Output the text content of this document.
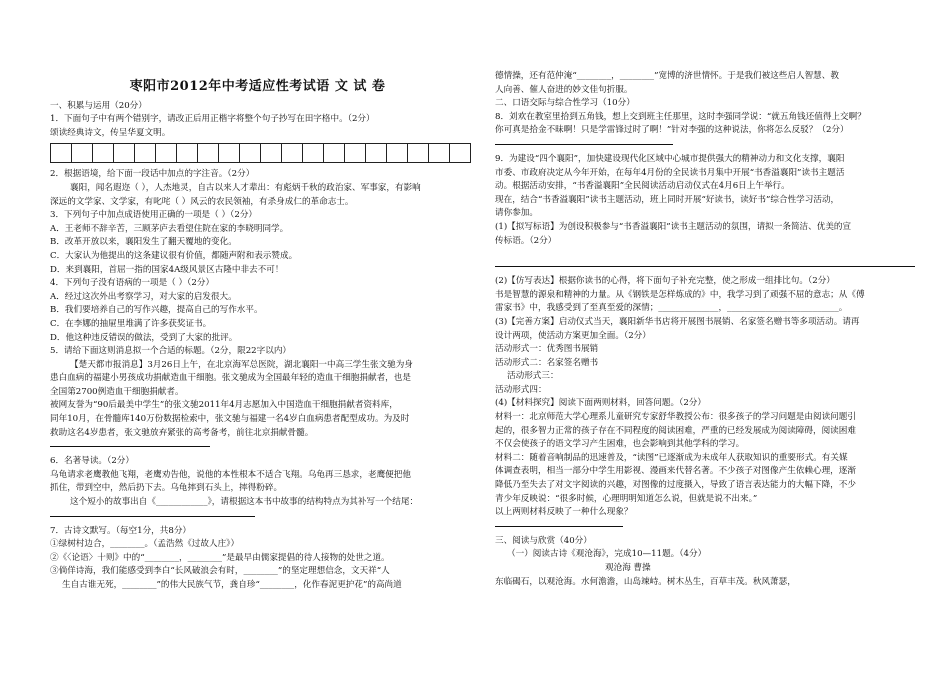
枣阳市2012年中考适应性考试语 文 试 卷

一、积累与运用（20分）

1．下面句子中有两个错别字，请改正后用正楷字将整个句子抄写在田字格中。（2分）

颂读经典诗文，传呈华夏文明。

2．根据语境，给下面一段话中加点的字注音。（2分）

襄阳，闻名遐迩（ ），人杰地灵，自古以来人才辈出：有彪炳千秋的政治家、军事家，有影响

深远的文学家、文学家，有叱咤（ ）风云的农民领袖，有杀身成仁的革命志士。

3．下列句子中加点成语使用正确的一项是（ ）（2分）

A．王老师不辞辛苦，三顾茅庐去看望住院在家的李晓明同学。

B．改革开放以来，襄阳发生了翻天覆地的变化。

C．大家认为他提出的这条建议很有价值，都随声附和表示赞成。

D．来到襄阳，首屈一指的国家4A级风景区古隆中非去不可！

4．下列句子没有语病的一项是（ ）（2分）

A．经过这次外出考察学习，对大家的启发很大。

B．我们要培养自己的写作兴趣，提高自己的写作水平。

C．在李娜的抽屉里堆满了许多获奖证书。

D．他这种违反错误的做法，受到了大家的批评。

5．请给下面这则消息拟一个合适的标题。（2分，限22字以内）

【楚天都市报消息】3月26日上午，在北京海军总医院，湖北襄阳一中高三学生张文驰为身

患白血病的福建小男孩成功捐献造血干细胞。张文驰成为全国最年轻的造血干细胞捐献者，也是

全国第2700例造血干细胞捐献者。

被网友誉为“90后最美中学生”的张文驰2011年4月志愿加入中国造血干细胞捐献者资料库，

同年10月，在骨髓库140万份数据检索中，张文驰与福建一名4岁白血病患者配型成功。为及时

救助这名4岁患者，张文驰放弃紧张的高考备考，前往北京捐献骨髓。

6．名著导读。（2分）

乌龟请求老鹰教他飞翔，老鹰劝告他，说他的本性根本不适合飞翔。乌龟再三恳求，老鹰便把他

抓住，带到空中，然后扔下去。乌龟摔到石头上，摔得粉碎。

这个短小的故事出自《____________》，请根据这本书中故事的结构特点为其补写一个结尾：

7．古诗文默写。（每空1分，共8分）

①绿树村边合，________。（孟浩然《过故人庄》）

②《〈论语〉十则》中的“________，________”是最早由儒家提倡的待人接物的处世之道。

③倘佯诗海，我们能感受到李白“长风破浪会有时，________”的坚定理想信念，文天祥“人

生自古谁无死，________”的伟大民族气节，龚自珍“________，化作春泥更护花”的高尚道

德情操，还有范仲淹“________，________”宽博的济世情怀。于是我们被这些启人智慧、教

人向善、催人奋进的妙文佳句折服。

二、口语交际与综合性学习（10分）

8．刘欢在教室里拾到五角钱，想上交到班主任那里，这时李强同学说：“就五角钱还值得上交啊？

你可真是拾金不昧啊！只是学雷锋过时了啊！”针对李强的这种说法，你将怎么反驳？（2分）

9．为建设“四个襄阳”，加快建设现代化区域中心城市提供强大的精神动力和文化支撑，襄阳

市委、市政府决定从今年开始，在每年4月份的全民读书月集中开展“书香溢襄阳”读书主题活

动。根据活动安排，“书香溢襄阳”全民阅读活动启动仪式在4月6日上午举行。

现在，结合“书香溢襄阳”读书主题活动，班上同时开展“好读书，读好书”综合性学习活动，

请你参加。

(1)【拟写标语】为创设积极参与“书香溢襄阳”读书主题活动的氛围，请拟一条简洁、优美的宣

传标语。（2分）

(2)【仿写表达】根据你读书的心得，将下面句子补充完整，使之形成一组排比句。（2分）

书是智慧的源泉和精神的力量。从《钢铁是怎样炼成的》中，我学习到了顽强不屈的意志；从《傅

雷家书》中，我感受到了至真至爱的深情；______________，__________________________。

(3)【完善方案】启动仪式当天，襄阳新华书店将开展图书展销、名家签名赠书等多项活动。请再

设计两项，使活动方案更加全面。（2分）

活动形式一：优秀图书展销

活动形式二：名家签名赠书

活动形式三：

活动形式四：

(4)【材料探究】阅读下面两则材料，回答问题。（2分）

材料一：北京师范大学心理系儿童研究专家舒华教授公布：很多孩子的学习问题是由阅读问题引

起的，很多智力正常的孩子存在不同程度的阅读困难，严重的已经发展成为阅读障碍，阅读困难

不仅会使孩子的语文学习产生困难，也会影响到其他学科的学习。

材料二：随着音响制品的迅速普及，“读图”已逐渐成为未成年人获取知识的重要形式。有关媒

体调查表明，相当一部分中学生用影视、漫画来代替名著。不少孩子对图像产生依赖心理，逐渐

降低乃至失去了对文字阅读的兴趣，对图像的过度摄入，导致了语言表达能力的大幅下降，不少

青少年反映说：“很多时候，心理明明知道怎么说，但就是说不出来。”

以上两则材料反映了一种什么现象？

三、阅读与欣赏（40分）

（一）阅读古诗《观沧海》，完成10—11题。（4分）

观沧海 曹操

东临碣石，以观沧海。水何澹澹，山岛竦峙。树木丛生，百草丰茂。秋风萧瑟，
